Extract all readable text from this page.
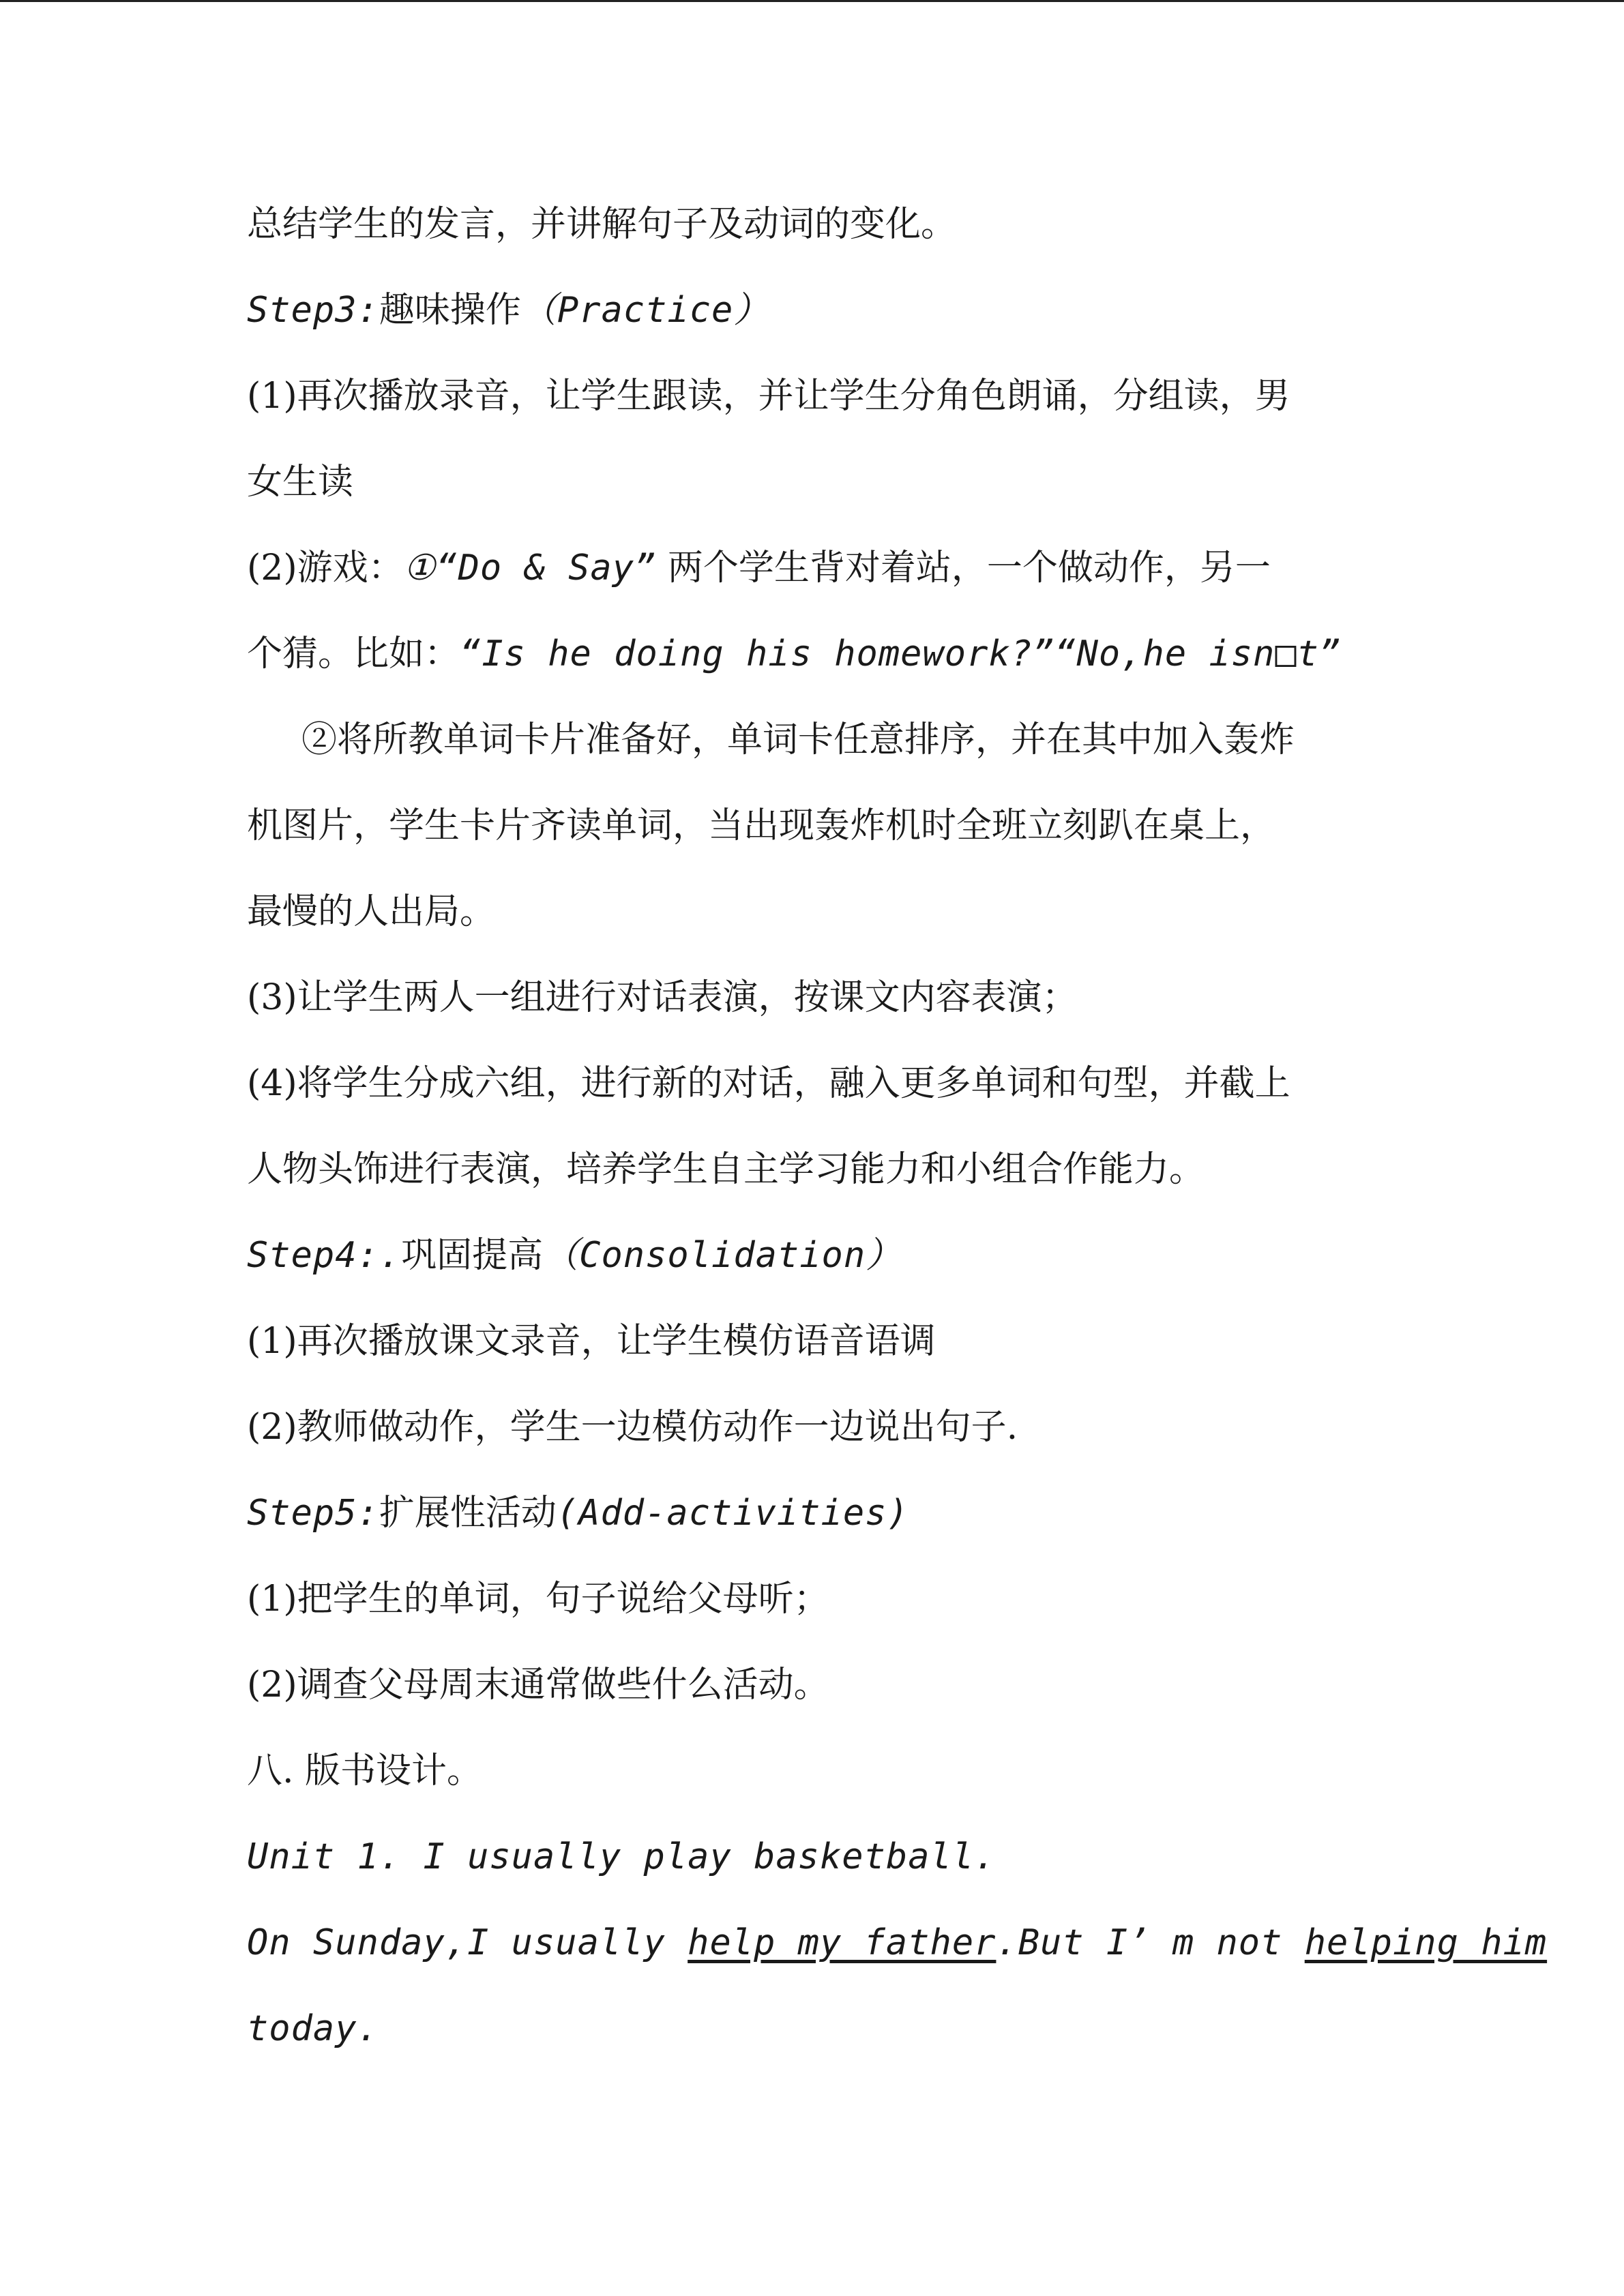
总结学生的发言，并讲解句子及动词的变化。
Step3:趣味操作（Practice）
(1)再次播放录音，让学生跟读，并让学生分角色朗诵，分组读，男
女生读
(2)游戏：①“Do & Say” 两个学生背对着站，一个做动作，另一
个猜。比如：“Is he doing his homework?”“No,he isn□t”
②将所教单词卡片准备好，单词卡任意排序，并在其中加入轰炸
机图片，学生卡片齐读单词，当出现轰炸机时全班立刻趴在桌上，
最慢的人出局。
(3)让学生两人一组进行对话表演，按课文内容表演；
(4)将学生分成六组，进行新的对话，融入更多单词和句型，并截上
人物头饰进行表演，培养学生自主学习能力和小组合作能力。
Step4:.巩固提高（Consolidation）
(1)再次播放课文录音，让学生模仿语音语调
(2)教师做动作，学生一边模仿动作一边说出句子.
Step5:扩展性活动(Add-activities)
(1)把学生的单词，句子说给父母听；
(2)调查父母周末通常做些什么活动。
八. 版书设计。
Unit 1. I usually play basketball.
On Sunday,I usually help my father.But I’ m not helping him
today.
